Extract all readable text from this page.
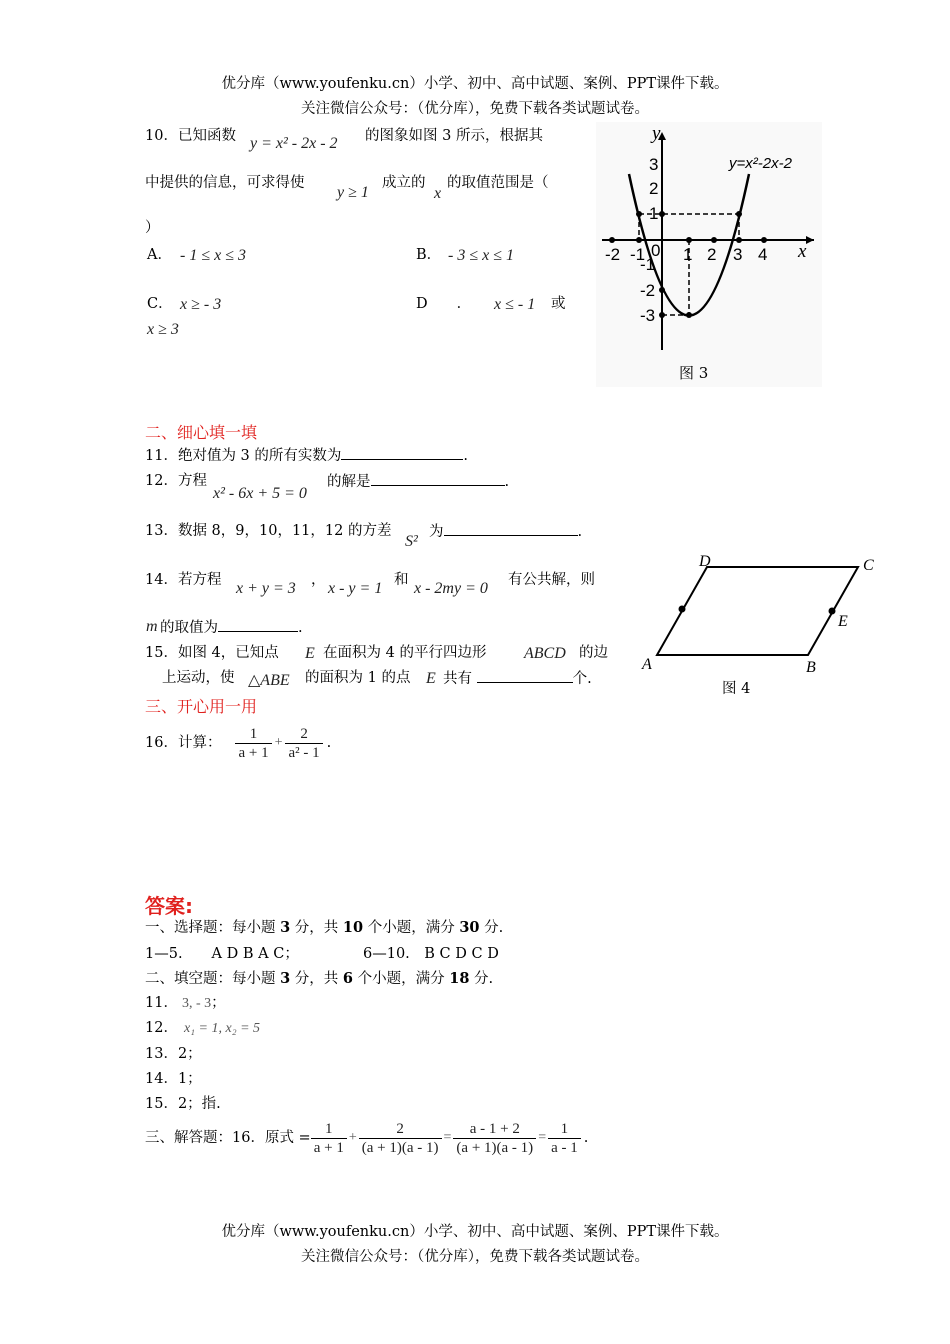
优分库（www.youfenku.cn）小学、初中、高中试题、案例、PPT课件下载。
关注微信公众号：（优分库），免费下载各类试题试卷。
10．已知函数 y = x² - 2x - 2 的图象如图 3 所示，根据其
中提供的信息，可求得使
y ≥ 1
成立的
x
的取值范围是（
）
A． - 1 ≤ x ≤ 3	B． - 3 ≤ x ≤ 1
C． x ≥ - 3	D　　． x ≤ - 1 或
x ≥ 3
-2 -1 0 1 2 3 4
3
2
1
-1
-2
-3
y
x
y=x²-2x-2
图 3
二、细心填一填
11．绝对值为 3 的所有实数为	.
12．方程
x² - 6x + 5 = 0
的解是	.
13．数据 8，9，10，11，12 的方差
S²
为	.
14．若方程 x + y = 3 ， x - y = 1 和 x - 2my = 0 有公共解，则
m 的取值为	.
15．如图 4，已知点 E 在面积为 4 的平行四边形 ABCD 的边
上运动，使 △ABE 的面积为 1 的点 E 共有	个.
A	B
C
D
E
图 4
三、开心用一用
16．计算： $\frac{1}{a + 1} + \frac{2}{\text{a² - 1}}$ .
答案:
一、选择题：每小题 3 分，共 10 个小题，满分 30 分.
1—5.　　A D B A C；	6—10.　B C D C D
二、填空题：每小题 3 分，共 6 个小题，满分 18 分.
11． 3, - 3；
12． x₁ = 1, x₂ = 5
13．2；
14．1；
15．2；指.
三、解答题：16．原式 = $\frac{1}{a + 1} + \frac{2}{(a + 1)(a - 1)} = \frac{a - 1 + 2}{(a + 1)(a - 1)} = \frac{1}{a - 1}$ .
优分库（www.youfenku.cn）小学、初中、高中试题、案例、PPT课件下载。
关注微信公众号：（优分库），免费下载各类试题试卷。
